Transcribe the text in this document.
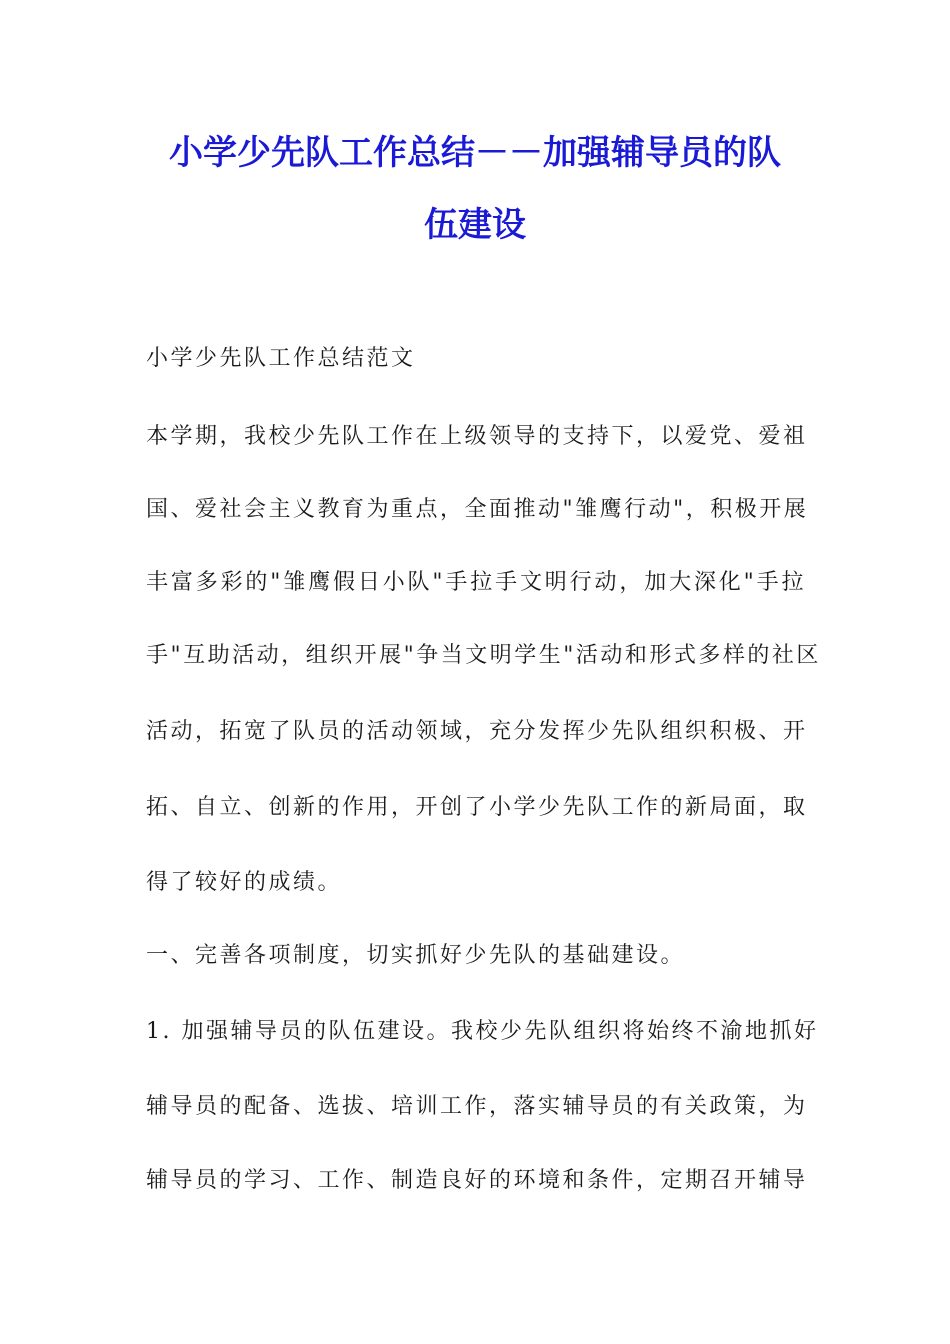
小学少先队工作总结－－加强辅导员的队
伍建设
小学少先队工作总结范文
本学期，我校少先队工作在上级领导的支持下，以爱党、爱祖
国、爱社会主义教育为重点，全面推动"雏鹰行动"，积极开展
丰富多彩的"雏鹰假日小队"手拉手文明行动，加大深化"手拉
手"互助活动，组织开展"争当文明学生"活动和形式多样的社区
活动，拓宽了队员的活动领域，充分发挥少先队组织积极、开
拓、自立、创新的作用，开创了小学少先队工作的新局面，取
得了较好的成绩。
一、完善各项制度，切实抓好少先队的基础建设。
1. 加强辅导员的队伍建设。我校少先队组织将始终不渝地抓好
辅导员的配备、选拔、培训工作，落实辅导员的有关政策，为
辅导员的学习、工作、制造良好的环境和条件，定期召开辅导
